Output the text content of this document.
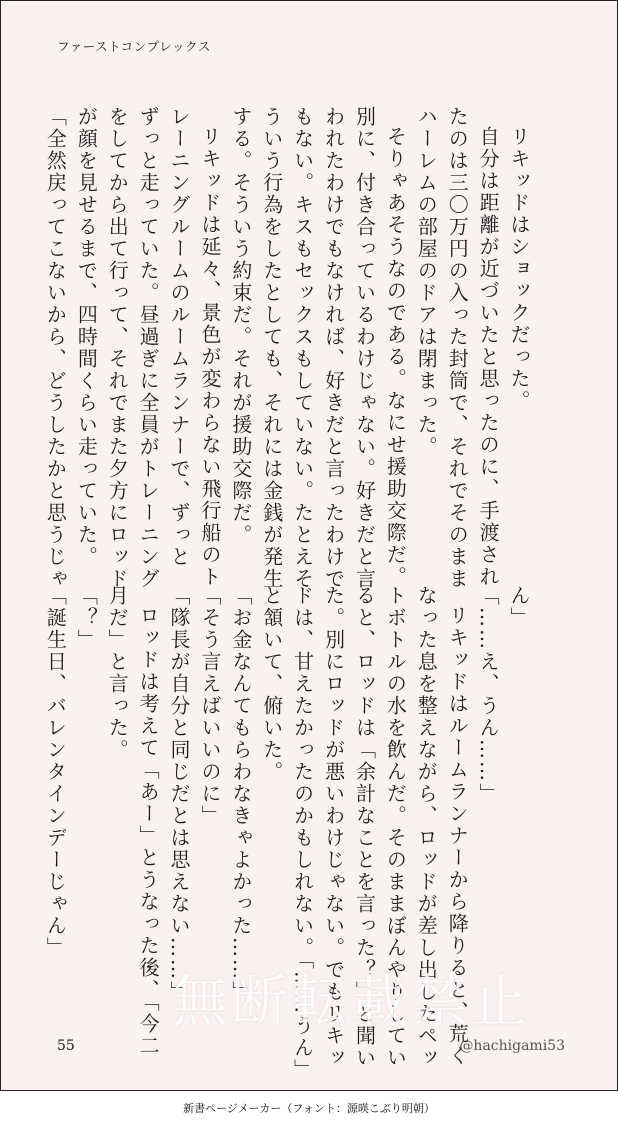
ファーストコンプレックス

リキッドはショックだった。

自分は距離が近づいたと思ったのに、手渡され

たのは三〇万円の入った封筒で、それでそのまま

ハーレムの部屋のドアは閉まった。

そりゃあそうなのである。なにせ援助交際だ。

別に、付き合っているわけじゃない。好きだと言

われたわけでもなければ、好きだと言ったわけで

もない。キスもセックスもしていない。たとえそ

ういう行為をしたとしても、それには金銭が発生

する。そういう約束だ。それが援助交際だ。

リキッドは延々、景色が変わらない飛行船のト

レーニングルームのルームランナーで、ずっと

ずっと走っていた。昼過ぎに全員がトレーニング

をしてから出て行って、それでまた夕方にロッド

が顔を見せるまで、四時間くらい走っていた。

「全然戻ってこないから、どうしたかと思うじゃ

ん」

「……え、うん……」

リキッドはルームランナーから降りると、荒く

なった息を整えながら、ロッドが差し出したペッ

トボトルの水を飲んだ。そのままぼんやりしてい

ると、ロッドは「余計なことを言った？」と聞い

た。別にロッドが悪いわけじゃない。でもリキッ

ドは、甘えたかったのかもしれない。「……うん」

と頷いて、俯いた。

「お金なんてもらわなきゃよかった……」

「そう言えばいいのに」

「隊長が自分と同じだとは思えない……」

ロッドは考えて「あー」とうなった後、「今二

月だ」と言った。

「？」

「誕生日、バレンタインデーじゃん」

無断転載禁止
55	@hachigami53
新書ページメーカー（フォント：源暎こぶり明朝）
